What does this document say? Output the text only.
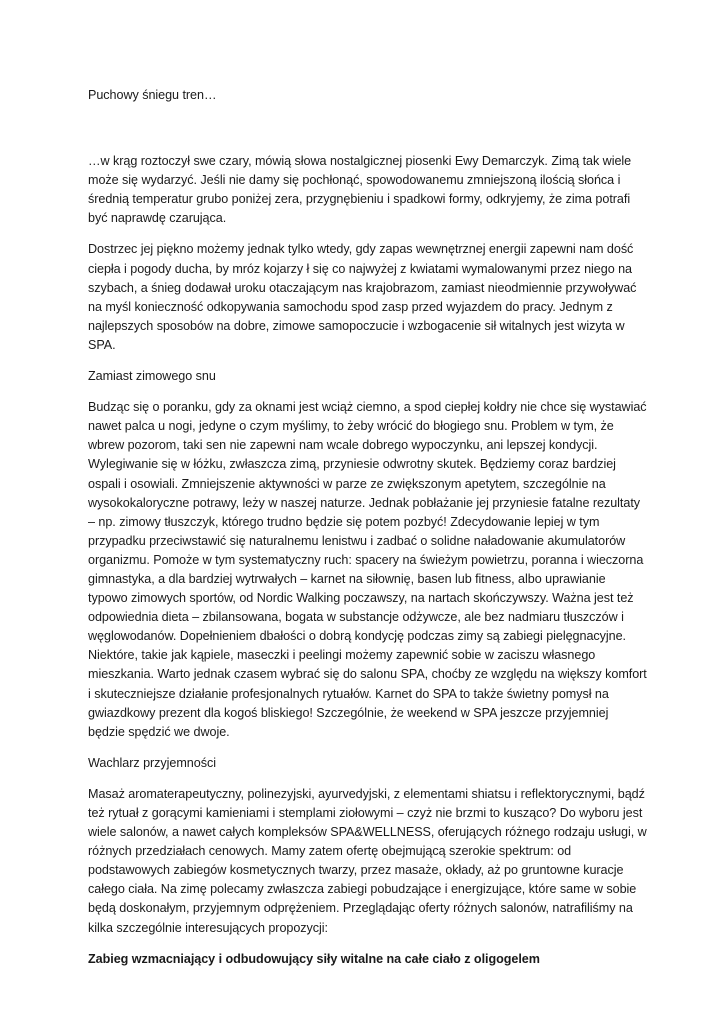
Puchowy śniegu tren…

…w krąg roztoczył swe czary, mówią słowa nostalgicznej piosenki Ewy Demarczyk. Zimą tak wiele może się wydarzyć. Jeśli nie damy się pochłonąć, spowodowanemu zmniejszoną ilością słońca i średnią temperatur grubo poniżej zera, przygnębieniu i spadkowi formy, odkryjemy, że zima potrafi być naprawdę czarująca.

Dostrzec jej piękno możemy jednak tylko wtedy, gdy zapas wewnętrznej energii zapewni nam dość ciepła i pogody ducha, by mróz kojarzy ł się co najwyżej z kwiatami wymalowanymi przez niego na szybach, a śnieg dodawał uroku otaczającym nas krajobrazom, zamiast nieodmiennie przywoływać na myśl konieczność odkopywania samochodu spod zasp przed wyjazdem do pracy. Jednym z najlepszych sposobów na dobre, zimowe samopoczucie i wzbogacenie sił witalnych jest wizyta w SPA.

Zamiast zimowego snu

Budząc się o poranku, gdy za oknami jest wciąż ciemno, a spod ciepłej kołdry nie chce się wystawiać nawet palca u nogi, jedyne o czym myślimy, to żeby wrócić do błogiego snu. Problem w tym, że wbrew pozorom, taki sen nie zapewni nam wcale dobrego wypoczynku, ani lepszej kondycji. Wylegiwanie się w łóżku, zwłaszcza zimą, przyniesie odwrotny skutek. Będziemy coraz bardziej ospali i osowiali. Zmniejszenie aktywności w parze ze zwiększonym apetytem, szczególnie na wysokokaloryczne potrawy, leży w naszej naturze. Jednak pobłażanie jej przyniesie fatalne rezultaty – np. zimowy tłuszczyk, którego trudno będzie się potem pozbyć! Zdecydowanie lepiej w tym przypadku przeciwstawić się naturalnemu lenistwu i zadbać o solidne naładowanie akumulatorów organizmu. Pomoże w tym systematyczny ruch: spacery na świeżym powietrzu, poranna i wieczorna gimnastyka, a dla bardziej wytrwałych – karnet na siłownię, basen lub fitness, albo uprawianie typowo zimowych sportów, od Nordic Walking poczawszy, na nartach skończywszy. Ważna jest też odpowiednia dieta – zbilansowana, bogata w substancje odżywcze, ale bez nadmiaru tłuszczów i węglowodanów. Dopełnieniem dbałości o dobrą kondycję podczas zimy są zabiegi pielęgnacyjne. Niektóre, takie jak kąpiele, maseczki i peelingi możemy zapewnić sobie w zaciszu własnego mieszkania. Warto jednak czasem wybrać się do salonu SPA, choćby ze względu na większy komfort i skuteczniejsze działanie profesjonalnych rytuałów. Karnet do SPA to także świetny pomysł na gwiazdkowy prezent dla kogoś bliskiego! Szczególnie, że weekend w SPA jeszcze przyjemniej będzie spędzić we dwoje.

Wachlarz przyjemności

Masaż aromaterapeutyczny, polinezyjski, ayurvedyjski, z elementami shiatsu i reflektorycznymi, bądź też rytuał z gorącymi kamieniami i stemplami ziołowymi – czyż nie brzmi to kusząco? Do wyboru jest wiele salonów, a nawet całych kompleksów SPA&WELLNESS, oferujących różnego rodzaju usługi, w różnych przedziałach cenowych. Mamy zatem ofertę obejmującą szerokie spektrum: od podstawowych zabiegów kosmetycznych twarzy, przez masaże, okłady, aż po gruntowne kuracje całego ciała. Na zimę polecamy zwłaszcza zabiegi pobudzające i energizujące, które same w sobie będą doskonałym, przyjemnym odprężeniem. Przeglądając oferty różnych salonów, natrafiliśmy na kilka szczególnie interesujących propozycji:

Zabieg wzmacniający i odbudowujący siły witalne na całe ciało z oligogelem
